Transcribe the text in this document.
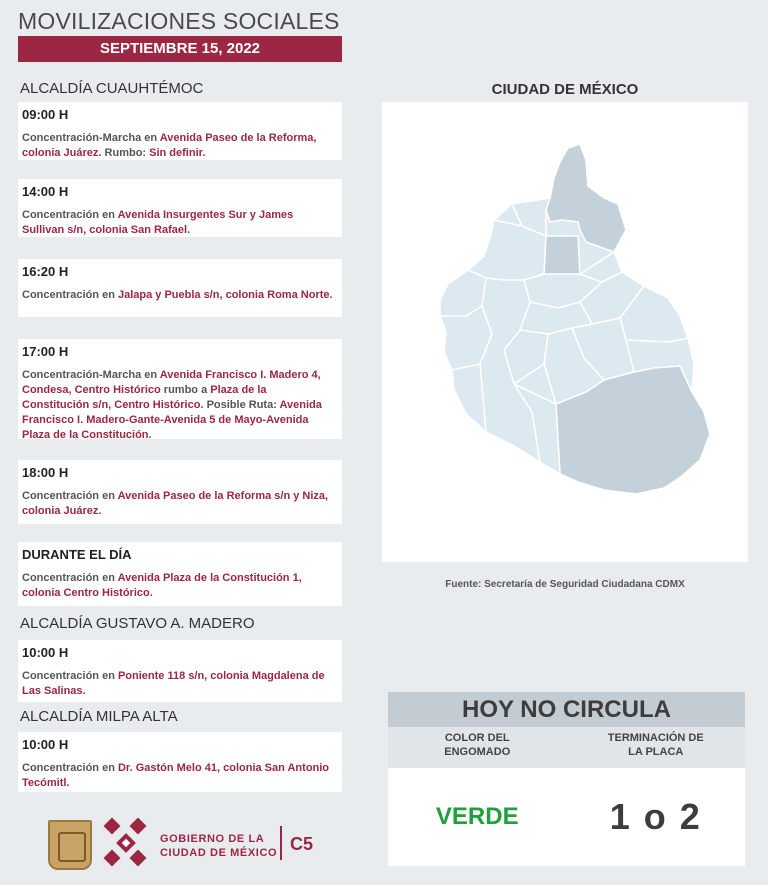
MOVILIZACIONES SOCIALES
SEPTIEMBRE 15, 2022
ALCALDÍA CUAUHTÉMOC
09:00 H
Concentración-Marcha en Avenida Paseo de la Reforma, colonia Juárez. Rumbo: Sin definir.
14:00 H
Concentración en Avenida Insurgentes Sur y James Sullivan s/n, colonia San Rafael.
16:20 H
Concentración en Jalapa y Puebla s/n, colonia Roma Norte.
17:00 H
Concentración-Marcha en Avenida Francisco I. Madero 4, Condesa, Centro Histórico rumbo a Plaza de la Constitución s/n, Centro Histórico. Posible Ruta: Avenida Francisco I. Madero-Gante-Avenida 5 de Mayo-Avenida Plaza de la Constitución.
18:00 H
Concentración en Avenida Paseo de la Reforma s/n y Niza, colonia Juárez.
DURANTE EL DÍA
Concentración en Avenida Plaza de la Constitución 1, colonia Centro Histórico.
ALCALDÍA GUSTAVO A. MADERO
10:00 H
Concentración en Poniente 118 s/n, colonia Magdalena de Las Salinas.
ALCALDÍA MILPA ALTA
10:00 H
Concentración en Dr. Gastón Melo 41, colonia San Antonio Tecómitl.
CIUDAD DE MÉXICO
Fuente: Secretaría de Seguridad Ciudadana CDMX
HOY NO CIRCULA
COLOR DEL
ENGOMADO
TERMINACIÓN DE
LA PLACA
VERDE	1 o 2
GOBIERNO DE LA
CIUDAD DE MÉXICO C5
